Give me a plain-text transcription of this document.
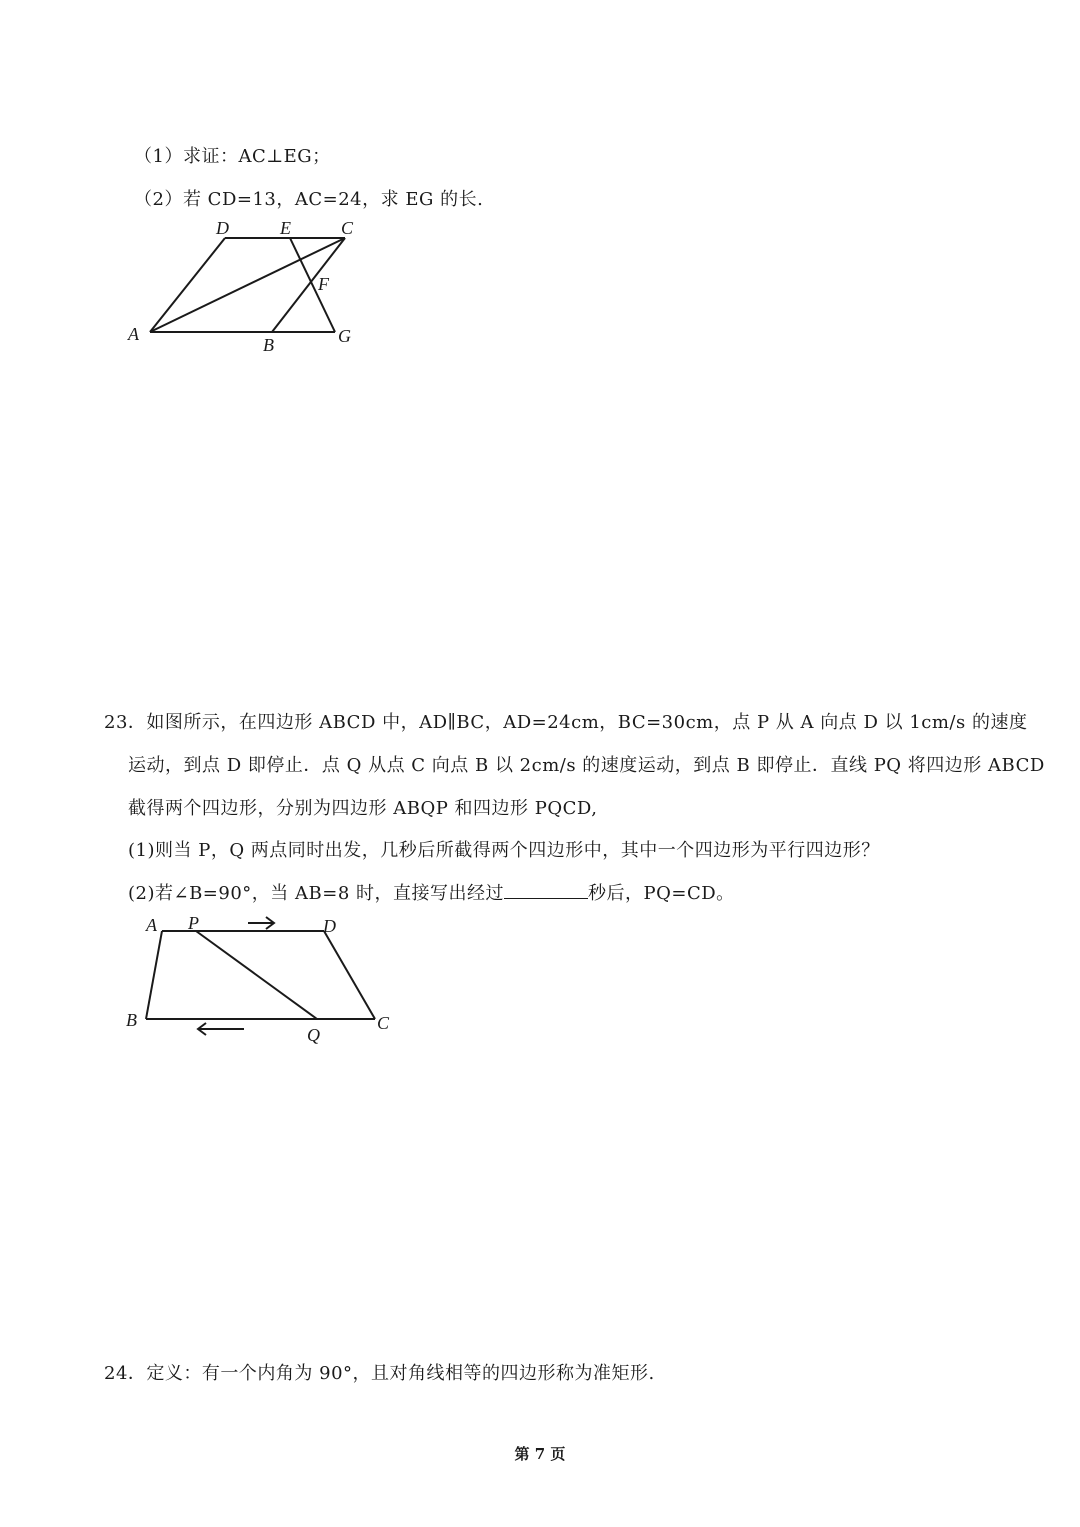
（1）求证：AC⊥EG；
（2）若 CD=13，AC=24，求 EG 的长.
D	E	C
F
A
B	G
23．如图所示，在四边形 ABCD 中，AD∥BC，AD=24cm，BC=30cm，点 P 从 A 向点 D 以 1cm/s 的速度
运动，到点 D 即停止．点 Q 从点 C 向点 B 以 2cm/s 的速度运动，到点 B 即停止．直线 PQ 将四边形 ABCD
截得两个四边形，分别为四边形 ABQP 和四边形 PQCD,
(1)则当 P，Q 两点同时出发，几秒后所截得两个四边形中，其中一个四边形为平行四边形？
(2)若∠B=90°，当 AB=8 时，直接写出经过	秒后，PQ=CD。
A P	D
B
Q
C
24．定义：有一个内角为 90°，且对角线相等的四边形称为准矩形.
第 7 页
